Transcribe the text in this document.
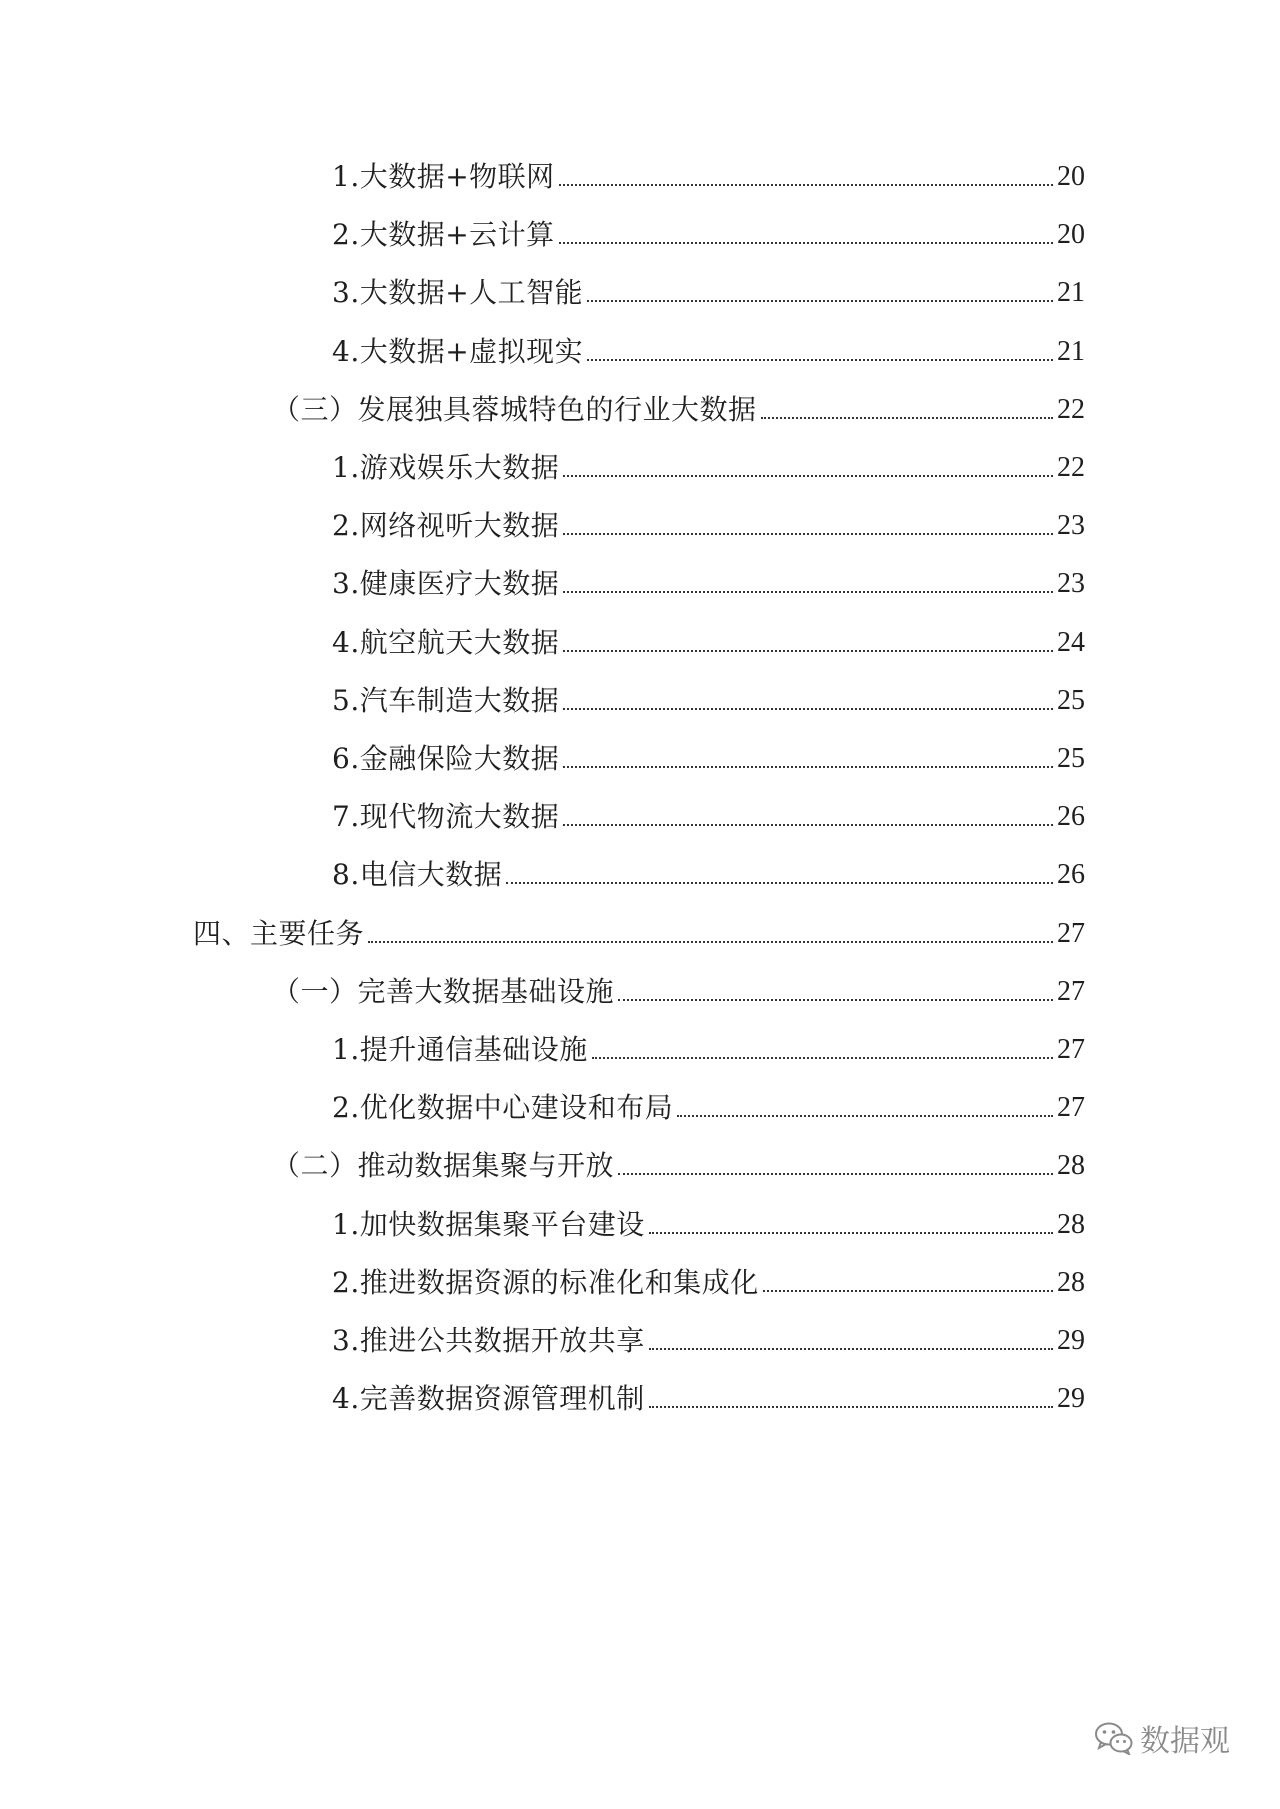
1.大数据+物联网	20
2.大数据+云计算	20
3.大数据+人工智能	21
4.大数据+虚拟现实	21
（三）发展独具蓉城特色的行业大数据	22
1.游戏娱乐大数据	22
2.网络视听大数据	23
3.健康医疗大数据	23
4.航空航天大数据	24
5.汽车制造大数据	25
6.金融保险大数据	25
7.现代物流大数据	26
8.电信大数据	26
四、主要任务	27
（一）完善大数据基础设施	27
1.提升通信基础设施	27
2.优化数据中心建设和布局	27
（二）推动数据集聚与开放	28
1.加快数据集聚平台建设	28
2.推进数据资源的标准化和集成化	28
3.推进公共数据开放共享	29
4.完善数据资源管理机制	29
数据观
